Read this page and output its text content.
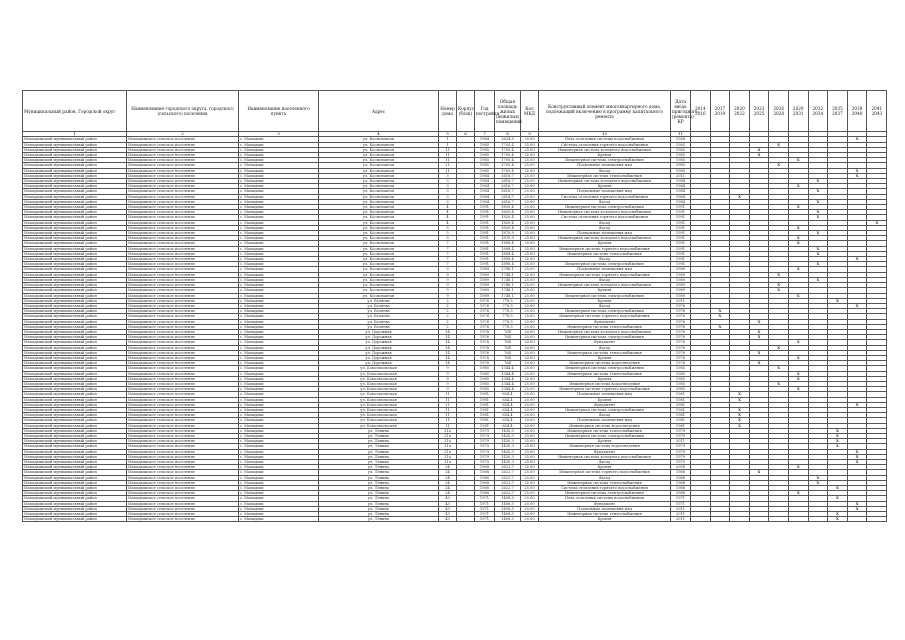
Муниципальный район, Городской округ	Наименование городского округа, городского (сельского) поселения	Наименование населенного пункта	Адрес	Номер дома	Корпус (блок)	Год постройки	Общая площадь жилых (нежилых) помещений	Кол МКД	Конструктивный элемент многоквартирного дома, подлежащий включению в программу капитального ремонта	Дата ввода пригодного (ремонта) КР	2014 2016	2017 2019	2020 2022	2023 2025	2026 2028	2029 2031	2032 2034	2035 2037	2038 2040	2041 2043
1	2	3	4	5	6	7	8	9	10	11										
Мамадышский муниципальный район	Мамадышское сельское поселение	с. Мамадыш	ул. Космонавтов	1		1984	2624,9	25.00	Печь отопления системы водоснабжения	1984									X	
Мамадышский муниципальный район	Мамадышское сельское поселение	с. Мамадыш	ул. Космонавтов	1		1985	1705,4	25.00	Система отопления горячего водоснабжения	1985					X					
Мамадышский муниципальный район	Мамадышское сельское поселение	с. Мамадыш	ул. Космонавтов	11		1985	1705,4	25.00	Инженерная система холодного водоснабжения	1985				X						
Мамадышский муниципальный район	Мамадышское сельское поселение	с. Мамадыш	ул. Космонавтов	11		1985	1705,4	25.00	Кровля	1985				X						
Мамадышский муниципальный район	Мамадышское сельское поселение	с. Мамадыш	ул. Космонавтов	11		1985	1705,4	25.00	Инженерная система электроснабжения	1985						X				
Мамадышский муниципальный район	Мамадышское сельское поселение	с. Мамадыш	ул. Космонавтов	11		1985	1705,4	25.00	Подвальные помещения мкд	1985					X					
Мамадышский муниципальный район	Мамадышское сельское поселение	с. Мамадыш	ул. Космонавтов	11		1985	1705,4	25.00	Фасад	1985									X	
Мамадышский муниципальный район	Мамадышское сельское поселение	с. Мамадыш	ул. Космонавтов	3		1984	2616,7	25.00	Инженерная система теплоснабжения	2011									X	
Мамадышский муниципальный район	Мамадышское сельское поселение	с. Мамадыш	ул. Космонавтов	3		1984	2616,7	25.00	Инженерная система холодного водоснабжения	1984							X			
Мамадышский муниципальный район	Мамадышское сельское поселение	с. Мамадыш	ул. Космонавтов	3		1984	2616,7	25.00	Кровля	1984						X				
Мамадышский муниципальный район	Мамадышское сельское поселение	с. Мамадыш	ул. Космонавтов	3		1984	2616,7	25.00	Подвальные помещения мкд	1984							X			
Мамадышский муниципальный район	Мамадышское сельское поселение	с. Мамадыш	ул. Космонавтов	3		1984	2616,7	25.00	Система отопления горячего водоснабжения	1984			X							
Мамадышский муниципальный район	Мамадышское сельское поселение	с. Мамадыш	ул. Космонавтов	3		1984	2616,7	25.00	Фасад	1984							X			
Мамадышский муниципальный район	Мамадышское сельское поселение	с. Мамадыш	ул. Космонавтов	4		1991	1820,4	25.00	Инженерная система электроснабжения	1991						X				
Мамадышский муниципальный район	Мамадышское сельское поселение	с. Мамадыш	ул. Космонавтов	4		1991	1820,4	25.00	Инженерная система холодного водоснабжения	1991							X			
Мамадышский муниципальный район	Мамадышское сельское поселение	с. Мамадыш	ул. Космонавтов	4		1991	1820,4	25.00	Система отопления горячего водоснабжения	1991							X			
Мамадышский муниципальный район	Мамадышское сельское поселение	с. Мамадыш	ул. Космонавтов	4		1991	1820,4	25.00	Фасад	1991										X
Мамадышский муниципальный район	Мамадышское сельское поселение	с. Мамадыш	ул. Космонавтов	5		1991	1820,4	25.00	Фасад	1991						X				
Мамадышский муниципальный район	Мамадышское сельское поселение	с. Мамадыш	ул. Космонавтов	5		1991	1870,9	25.00	Подвальные помещения мкд	1991							X			
Мамадышский муниципальный район	Мамадышское сельское поселение	с. Мамадыш	ул. Космонавтов	5		1991	1870,9	25.00	Инженерная система холодного водоснабжения	1991						X				
Мамадышский муниципальный район	Мамадышское сельское поселение	с. Мамадыш	ул. Космонавтов	7		1991	1898,4	25.00	Кровля	1991						X				
Мамадышский муниципальный район	Мамадышское сельское поселение	с. Мамадыш	ул. Космонавтов	7		1991	1898,4	25.00	Инженерная система горячего водоснабжения	1991							X			
Мамадышский муниципальный район	Мамадышское сельское поселение	с. Мамадыш	ул. Космонавтов	7		1991	1898,4	25.00	Инженерная система теплоснабжения	1991							X			
Мамадышский муниципальный район	Мамадышское сельское поселение	с. Мамадыш	ул. Космонавтов	7		1991	1898,4	25.00	Фасад	1991									X	
Мамадышский муниципальный район	Мамадышское сельское поселение	с. Мамадыш	ул. Космонавтов	7		1991	1898,4	25.00	Инженерная система электроснабжения	1991							X			
Мамадышский муниципальный район	Мамадышское сельское поселение	с. Мамадыш	ул. Космонавтов	9		1989	1748,1	25.00	Подвальные помещения мкд	1989						X				
Мамадышский муниципальный район	Мамадышское сельское поселение	с. Мамадыш	ул. Космонавтов	9		1989	1748,1	25.00	Инженерная система горячего водоснабжения	1989					X					
Мамадышский муниципальный район	Мамадышское сельское поселение	с. Мамадыш	ул. Космонавтов	9		1989	1748,1	25.00	Фасад	1989							X			
Мамадышский муниципальный район	Мамадышское сельское поселение	с. Мамадыш	ул. Космонавтов	9		1989	1748,1	25.00	Инженерная система холодного водоснабжения	1989					X					
Мамадышский муниципальный район	Мамадышское сельское поселение	с. Мамадыш	ул. Космонавтов	9		1989	1748,1	25.00	Кровля	1989					X					
Мамадышский муниципальный район	Мамадышское сельское поселение	с. Мамадыш	ул. Космонавтов	9		1989	1748,1	25.00	Инженерная система электроснабжения	1989						X				
Мамадышский муниципальный район	Мамадышское сельское поселение	с. Мамадыш	ул. Беляева	2		1976	778,5	25.00	Кровля	2011								X		
Мамадышский муниципальный район	Мамадышское сельское поселение	с. Мамадыш	ул. Беляева	2		1976	778,5	25.00	Фасад	1976									X	
Мамадышский муниципальный район	Мамадышское сельское поселение	с. Мамадыш	ул. Беляева	2		1976	778,5	25.00	Инженерная система электроснабжения	1976		X								
Мамадышский муниципальный район	Мамадышское сельское поселение	с. Мамадыш	ул. Беляева	2		1976	778,5	25.00	Инженерная система горячего водоснабжения	1976		X								
Мамадышский муниципальный район	Мамадышское сельское поселение	с. Мамадыш	ул. Беляева	2		1976	778,5	25.00	Фундамент	1976				X						
Мамадышский муниципальный район	Мамадышское сельское поселение	с. Мамадыш	ул. Беляева	2		1976	778,5	25.00	Инженерная система теплоснабжения	1976		X								
Мамадышский муниципальный район	Мамадышское сельское поселение	с. Мамадыш	ул. Дорожная	14		1976	764	20.00	Инженерная система холодного водоснабжения	1976				X						
Мамадышский муниципальный район	Мамадышское сельское поселение	с. Мамадыш	ул. Дорожная	14		1976	764	20.00	Инженерная система электроснабжения	1976				X						
Мамадышский муниципальный район	Мамадышское сельское поселение	с. Мамадыш	ул. Дорожная	14		1976	764	20.00	Фундамент	1976						X				
Мамадышский муниципальный район	Мамадышское сельское поселение	с. Мамадыш	ул. Дорожная	14		1976	764	20.00	Фасад	1976					X					
Мамадышский муниципальный район	Мамадышское сельское поселение	с. Мамадыш	ул. Дорожная	14		1976	764	20.00	Инженерная система теплоснабжения	1976				X						
Мамадышский муниципальный район	Мамадышское сельское поселение	с. Мамадыш	ул. Дорожная	14		1976	764	20.00	Кровля	1976						X				
Мамадышский муниципальный район	Мамадышское сельское поселение	с. Мамадыш	ул. Дорожная	14		1976	764	20.00	Инженерная система водоотведения	1976				X						
Мамадышский муниципальный район	Мамадышское сельское поселение	с. Мамадыш	ул. Комсомольская	9		1985	1344,4	25.00	Инженерная система электроснабжения	1985					X					
Мамадышский муниципальный район	Мамадышское сельское поселение	с. Мамадыш	ул. Комсомольская	9		1985	1344,4	25.00	Инженерная система теплоснабжения	1985						X				
Мамадышский муниципальный район	Мамадышское сельское поселение	с. Мамадыш	ул. Комсомольская	9		1985	1344,4	25.00	Кровля	1985						X				
Мамадышский муниципальный район	Мамадышское сельское поселение	с. Мамадыш	ул. Комсомольская	9		1985	1344,4	25.00	Инженерная система водоотведения	1985					X					
Мамадышский муниципальный район	Мамадышское сельское поселение	с. Мамадыш	ул. Комсомольская	9		1985	1344,4	25.00	Инженерная система горячего водоснабжения	1985						X				
Мамадышский муниципальный район	Мамадышское сельское поселение	с. Мамадыш	ул. Комсомольская	11		1981	654,4	20.00	Подвальные помещения мкд	1981			X							
Мамадышский муниципальный район	Мамадышское сельское поселение	с. Мамадыш	ул. Комсомольская	11		1981	654,4	20.00	Кровля	1981			X							
Мамадышский муниципальный район	Мамадышское сельское поселение	с. Мамадыш	ул. Комсомольская	11		1981	654,4	20.00	Фундамент	1981									X	
Мамадышский муниципальный район	Мамадышское сельское поселение	с. Мамадыш	ул. Комсомольская	11		1981	654,4	20.00	Инженерная система электроснабжения	1981			X							
Мамадышский муниципальный район	Мамадышское сельское поселение	с. Мамадыш	ул. Комсомольская	11		1981	654,4	20.00	Фасад	1981			X							
Мамадышский муниципальный район	Мамадышское сельское поселение	с. Мамадыш	ул. Комсомольская	11		1981	654,4	20.00	Подвальные помещения мкд	1981			X							
Мамадышский муниципальный район	Мамадышское сельское поселение	с. Мамадыш	ул. Комсомольская	11		1981	654,4	20.00	Инженерная система водоотведения	1981			X							
Мамадышский муниципальный район	Мамадышское сельское поселение	с. Мамадыш	ул. Ленина	21а		1979	1430,3	25.00	Инженерная система теплоснабжения	1979								X		
Мамадышский муниципальный район	Мамадышское сельское поселение	с. Мамадыш	ул. Ленина	21а		1979	1430,3	25.00	Инженерная система электроснабжения	1979								X		
Мамадышский муниципальный район	Мамадышское сельское поселение	с. Мамадыш	ул. Ленина	21а		1979	1430,3	25.00	Кровля	2011								X		
Мамадышский муниципальный район	Мамадышское сельское поселение	с. Мамадыш	ул. Ленина	21а		1979	1430,3	25.00	Инженерная система водоотведения	1979								X		
Мамадышский муниципальный район	Мамадышское сельское поселение	с. Мамадыш	ул. Ленина	21а		1979	1430,3	25.00	Фундамент	1979									X	
Мамадышский муниципальный район	Мамадышское сельское поселение	с. Мамадыш	ул. Ленина	21а		1979	1430,3	25.00	Инженерная система холодного водоснабжения	1979									X	
Мамадышский муниципальный район	Мамадышское сельское поселение	с. Мамадыш	ул. Ленина	21а		1979	1430,3	25.00	Фасад	1979									X	
Мамадышский муниципальный район	Мамадышское сельское поселение	с. Мамадыш	ул. Ленина	24		1968	2622,7	25.00	Кровля	2008						X				
Мамадышский муниципальный район	Мамадышское сельское поселение	с. Мамадыш	ул. Ленина	24		1968	2622,7	25.00	Инженерная система горячего водоснабжения	1968				X						
Мамадышский муниципальный район	Мамадышское сельское поселение	с. Мамадыш	ул. Ленина	24		1968	2622,7	25.00	Фасад	1968							X			
Мамадышский муниципальный район	Мамадышское сельское поселение	с. Мамадыш	ул. Ленина	24		1968	2622,7	25.00	Инженерная система теплоснабжения	1968							X			
Мамадышский муниципальный район	Мамадышское сельское поселение	с. Мамадыш	ул. Ленина	24		1968	2622,7	25.00	Система отопления горячего водоснабжения	1968								X		
Мамадышский муниципальный район	Мамадышское сельское поселение	с. Мамадыш	ул. Ленина	24		1968	2622,7	25.00	Инженерная система электроснабжения	1968						X				
Мамадышский муниципальный район	Мамадышское сельское поселение	с. Мамадыш	ул. Ленина	43		1971	1408,5	20.00	Печь отопления системы водоснабжения	1971								X		
Мамадышский муниципальный район	Мамадышское сельское поселение	с. Мамадыш	ул. Ленина	43		1971	1408,5	20.00	Фундамент	1971									X	
Мамадышский муниципальный район	Мамадышское сельское поселение	с. Мамадыш	ул. Ленина	43		1971	1408,5	20.00	Подвальные помещения мкд	2011									X	
Мамадышский муниципальный район	Мамадышское сельское поселение	с. Мамадыш	ул. Ленина	43		1971	1408,5	20.00	Инженерная система теплоснабжения	2011								X		
Мамадышский муниципальный район	Мамадышское сельское поселение	с. Мамадыш	ул. Ленина	43		1971	1408,5	20.00	Кровля	2011								X		
